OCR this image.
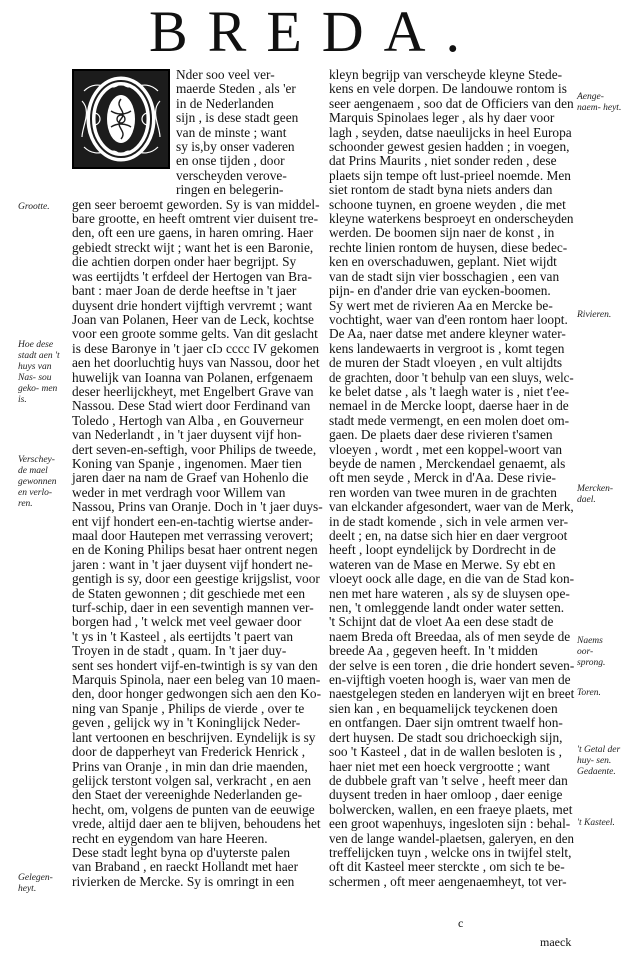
BREDA.

Nder soo veel ver-
maerde Steden , als 'er
in de Nederlanden
sijn , is dese stadt geen
van de minste ; want
sy is,by onser vaderen
en onse tijden , door
verscheyden verove-
ringen en belegerin-
gen seer beroemt geworden. Sy is van middel-
bare grootte, en heeft omtrent vier duisent tre-
den, oft een ure gaens, in haren omring. Haer
gebiedt streckt wijt ; want het is een Baronie,
die achtien dorpen onder haer begrijpt. Sy
was eertijdts 't erfdeel der Hertogen van Bra-
bant : maer Joan de derde heeftse in 't jaer
duysent drie hondert vijftigh vervremt ; want
Joan van Polanen, Heer van de Leck, kochtse
voor een groote somme gelts. Van dit geslacht
is dese Baronye in 't jaer cIɔ cccc IV gekomen
aen het doorluchtig huys van Nassou, door het
huwelijk van Ioanna van Polanen, erfgenaem
deser heerlijckheyt, met Engelbert Grave van
Nassou. Dese Stad wiert door Ferdinand van
Toledo , Hertogh van Alba , en Gouverneur
van Nederlandt , in 't jaer duysent vijf hon-
dert seven-en-seftigh, voor Philips de tweede,
Koning van Spanje , ingenomen. Maer tien
jaren daer na nam de Graef van Hohenlo die
weder in met verdragh voor Willem van
Nassou, Prins van Oranje. Doch in 't jaer duys-
ent vijf hondert een-en-tachtig wiertse ander-
maal door Hautepen met verrassing verovert;
en de Koning Philips besat haer ontrent negen
jaren : want in 't jaer duysent vijf hondert ne-
gentigh is sy, door een geestige krijgslist, voor
de Staten gewonnen ; dit geschiede met een
turf-schip, daer in een seventigh mannen ver-
borgen had , 't welck met veel gewaer door
't ys in 't Kasteel , als eertijdts 't paert van
Troyen in de stadt , quam. In 't jaer duy-
sent ses hondert vijf-en-twintigh is sy van den
Marquis Spinola, naer een beleg van 10 maen-
den, door honger gedwongen sich aen den Ko-
ning van Spanje , Philips de vierde , over te
geven , gelijck wy in 't Koninglijck Neder-
lant vertoonen en beschrijven. Eyndelijk is sy
door de dapperheyt van Frederick Henrick ,
Prins van Oranje , in min dan drie maenden,
gelijck terstont volgen sal, verkracht , en aen
den Staet der vereenighde Nederlanden ge-
hecht, om, volgens de punten van de eeuwige
vrede, altijd daer aen te blijven, behoudens het
recht en eygendom van hare Heeren.
Dese stadt leght byna op d'uyterste palen
van Braband , en raeckt Hollandt met haer
rivierken de Mercke. Sy is omringt in een

kleyn begrijp van verscheyde kleyne Stede-
kens en vele dorpen. De landouwe rontom is
seer aengenaem , soo dat de Officiers van den
Marquis Spinolaes leger , als hy daer voor
lagh , seyden, datse naeulijcks in heel Europa
schoonder gewest gesien hadden ; in voegen,
dat Prins Maurits , niet sonder reden , dese
plaets sijn tempe oft lust-prieel noemde. Men
siet rontom de stadt byna niets anders dan
schoone tuynen, en groene weyden , die met
kleyne waterkens besproeyt en onderscheyden
werden. De boomen sijn naer de konst , in
rechte linien rontom de huysen, diese bedec-
ken en overschaduwen, geplant. Niet wijdt
van de stadt sijn vier bosschagien , een van
pijn- en d'ander drie van eycken-boomen.
Sy wert met de rivieren Aa en Mercke be-
vochtight, waer van d'een rontom haer loopt.
De Aa, naer datse met andere kleyner water-
kens landewaerts in vergroot is , komt tegen
de muren der Stadt vloeyen , en vult altijdts
de grachten, door 't behulp van een sluys, welc-
ke belet datse , als 't laegh water is , niet t'ee-
nemael in de Mercke loopt, daerse haer in de
stadt mede vermengt, en een molen doet om-
gaen. De plaets daer dese rivieren t'samen
vloeyen , wordt , met een koppel-woort van
beyde de namen , Merckendael genaemt, als
oft men seyde , Merck in d'Aa. Dese rivie-
ren worden van twee muren in de grachten
van elckander afgesondert, waer van de Merk,
in de stadt komende , sich in vele armen ver-
deelt ; en, na datse sich hier en daer vergroot
heeft , loopt eyndelijck by Dordrecht in de
wateren van de Mase en Merwe. Sy ebt en
vloeyt oock alle dage, en die van de Stad kon-
nen met hare wateren , als sy de sluysen ope-
nen, 't omleggende landt onder water setten.
't Schijnt dat de vloet Aa een dese stadt de
naem Breda oft Breedaa, als of men seyde de
breede Aa , gegeven heeft. In 't midden
der selve is een toren , die drie hondert seven-
en-vijftigh voeten hoogh is, waer van men de
naestgelegen steden en landeryen wijt en breet
sien kan , en bequamelijck teyckenen doen
en ontfangen. Daer sijn omtrent twaelf hon-
dert huysen. De stadt sou drichoeckigh sijn,
soo 't Kasteel , dat in de wallen besloten is ,
haer niet met een hoeck vergrootte ; want
de dubbele graft van 't selve , heeft meer dan
duysent treden in haer omloop , daer eenige
bolwercken, wallen, en een fraeye plaets, met
een groot wapenhuys, ingesloten sijn : behal-
ven de lange wandel-plaetsen, galeryen, en den
treffelijcken tuyn , welcke ons in twijfel stelt,
oft dit Kasteel meer sterckte , om sich te be-
schermen , oft meer aengenaemheyt, tot ver-

Grootte.
Hoe dese stadt aen 't huys van Nas- sou geko- men is.
Verschey- de mael gewonnen en verlo- ren.
Gelegen- heyt.
Aenge- naem- heyt.
Rivieren.
Mercken- dael.
Naems oor- sprong.
Toren.
't Getal der huy- sen. Gedaente.
't Kasteel.
c
maeck
